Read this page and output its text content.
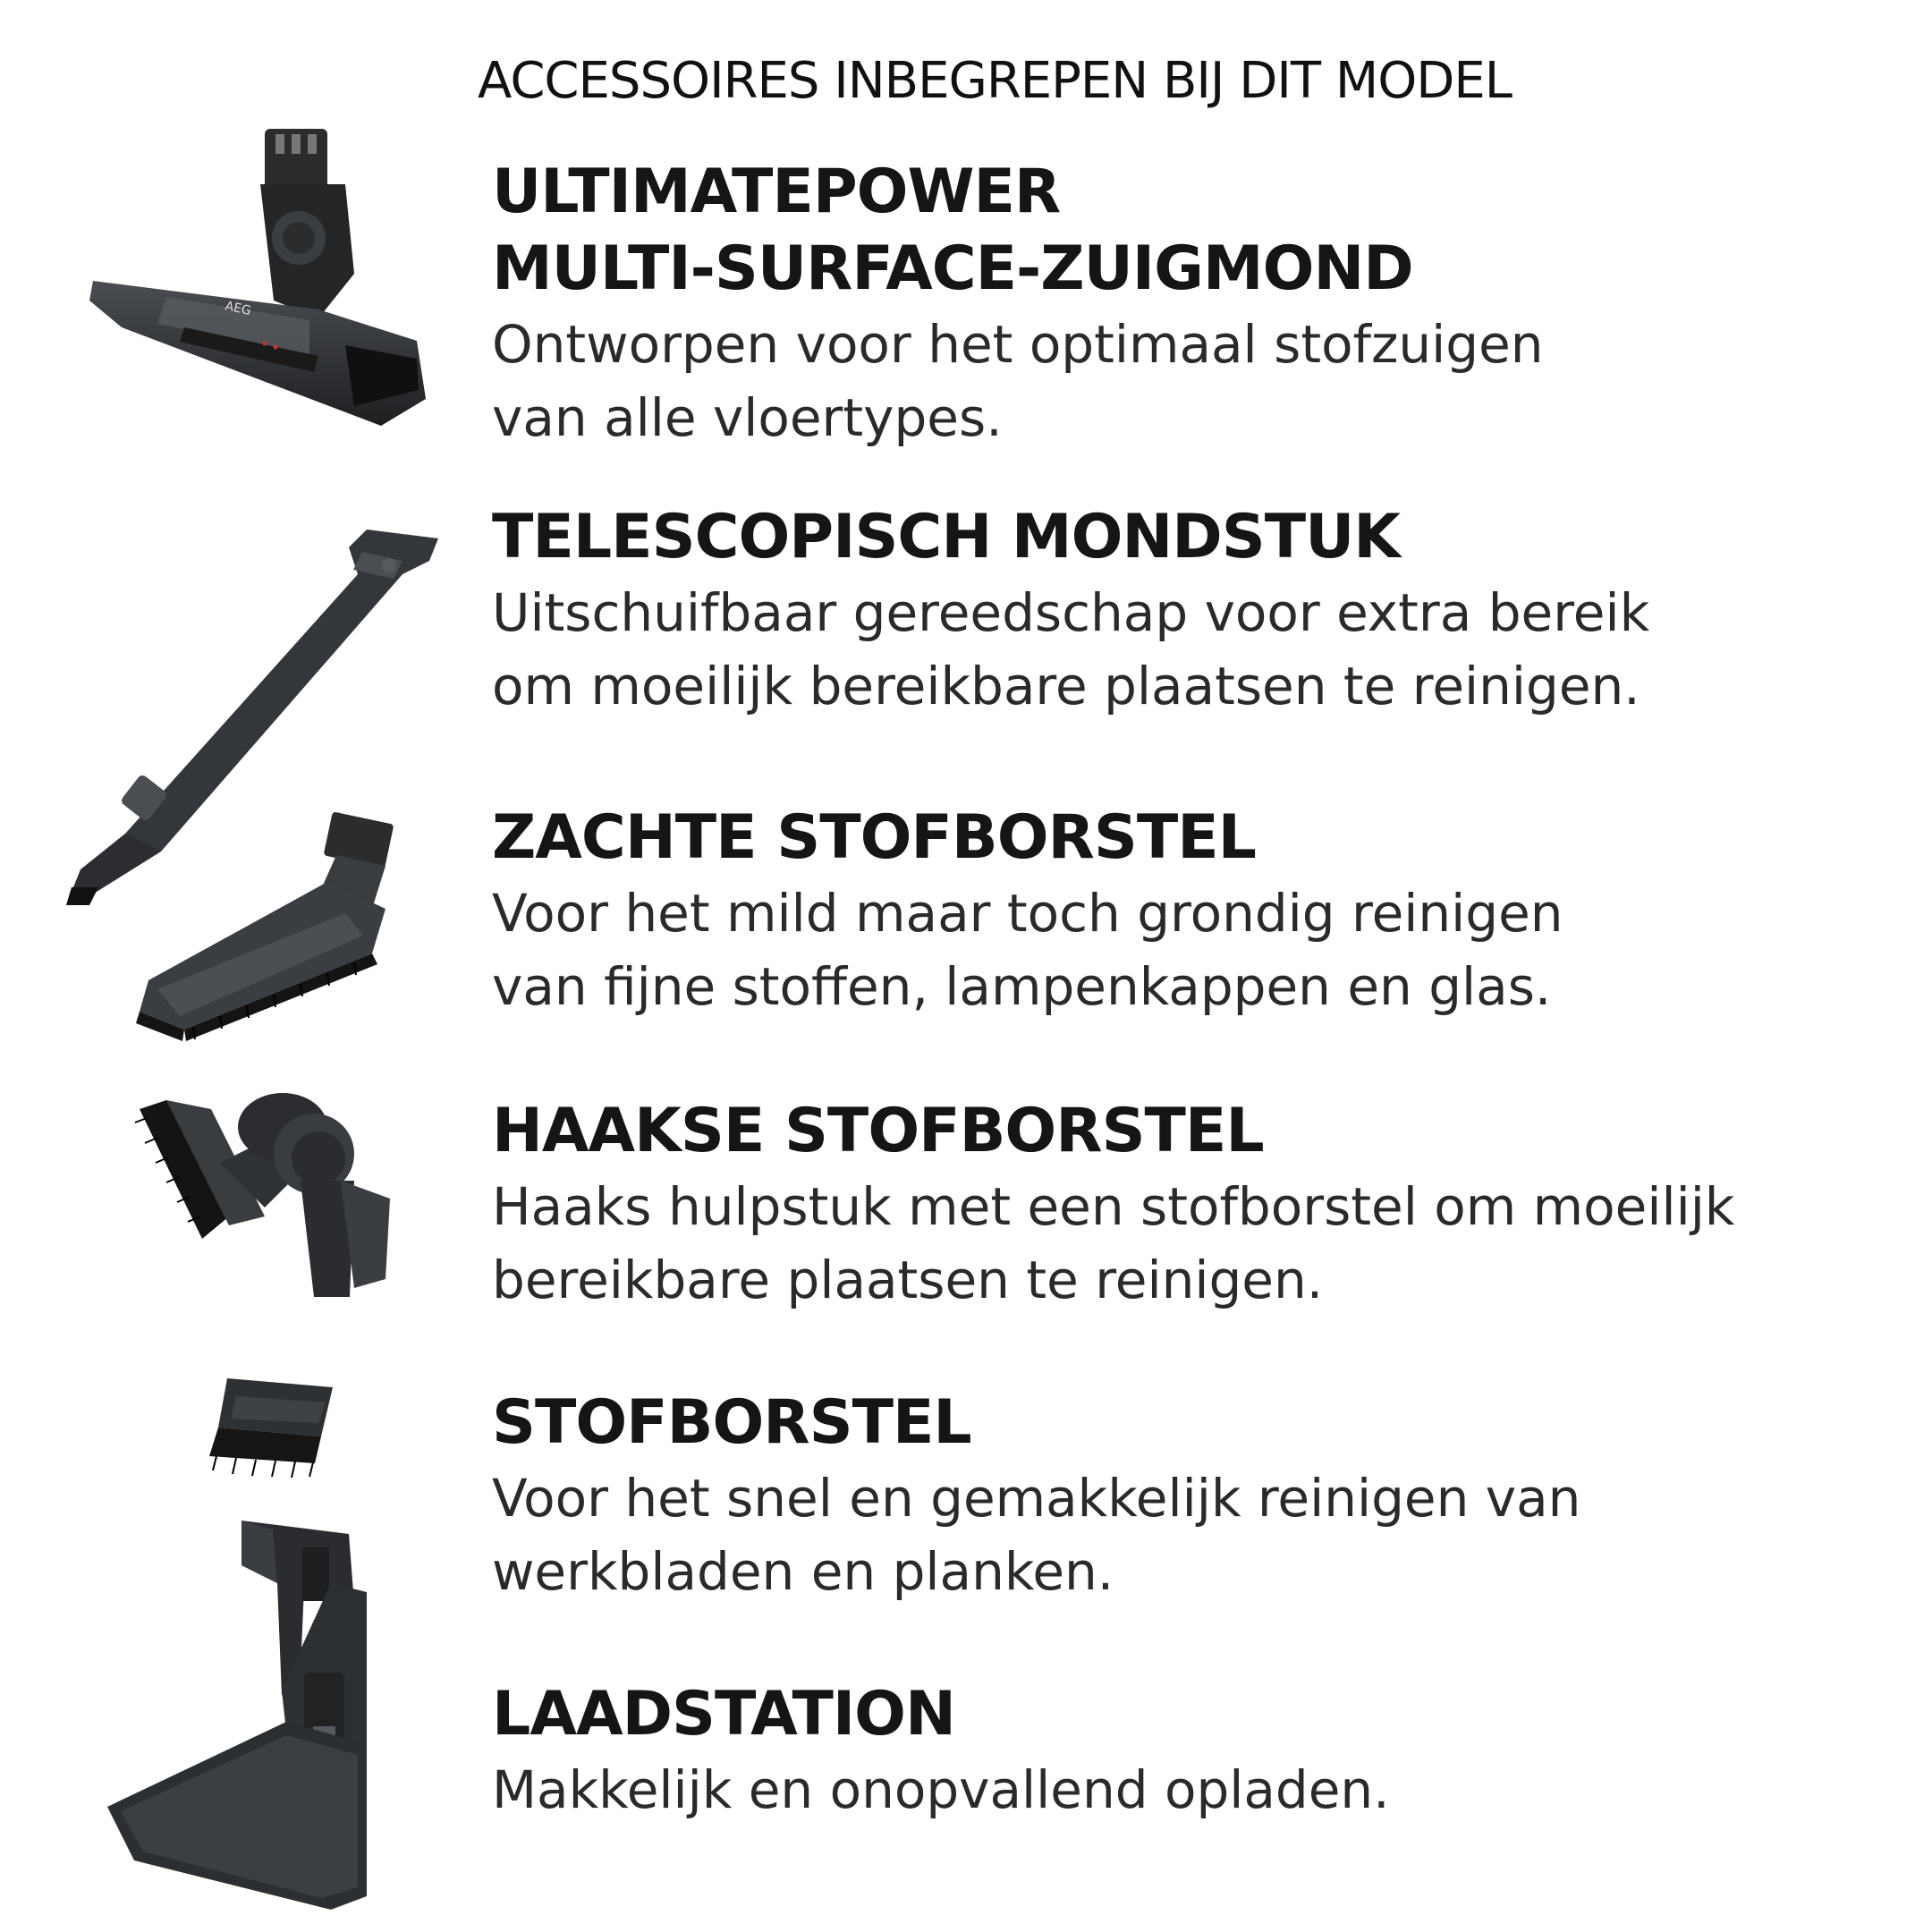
ACCESSOIRES INBEGREPEN BIJ DIT MODEL
AEG

ULTIMATEPOWER

MULTI-SURFACE-ZUIGMOND

Ontworpen voor het optimaal stofzuigen

van alle vloertypes.

TELESCOPISCH MONDSTUK

Uitschuifbaar gereedschap voor extra bereik

om moeilijk bereikbare plaatsen te reinigen.

ZACHTE STOFBORSTEL

Voor het mild maar toch grondig reinigen

van fijne stoffen, lampenkappen en glas.

HAAKSE STOFBORSTEL

Haaks hulpstuk met een stofborstel om moeilijk

bereikbare plaatsen te reinigen.

STOFBORSTEL

Voor het snel en gemakkelijk reinigen van

werkbladen en planken.

LAADSTATION

Makkelijk en onopvallend opladen.
